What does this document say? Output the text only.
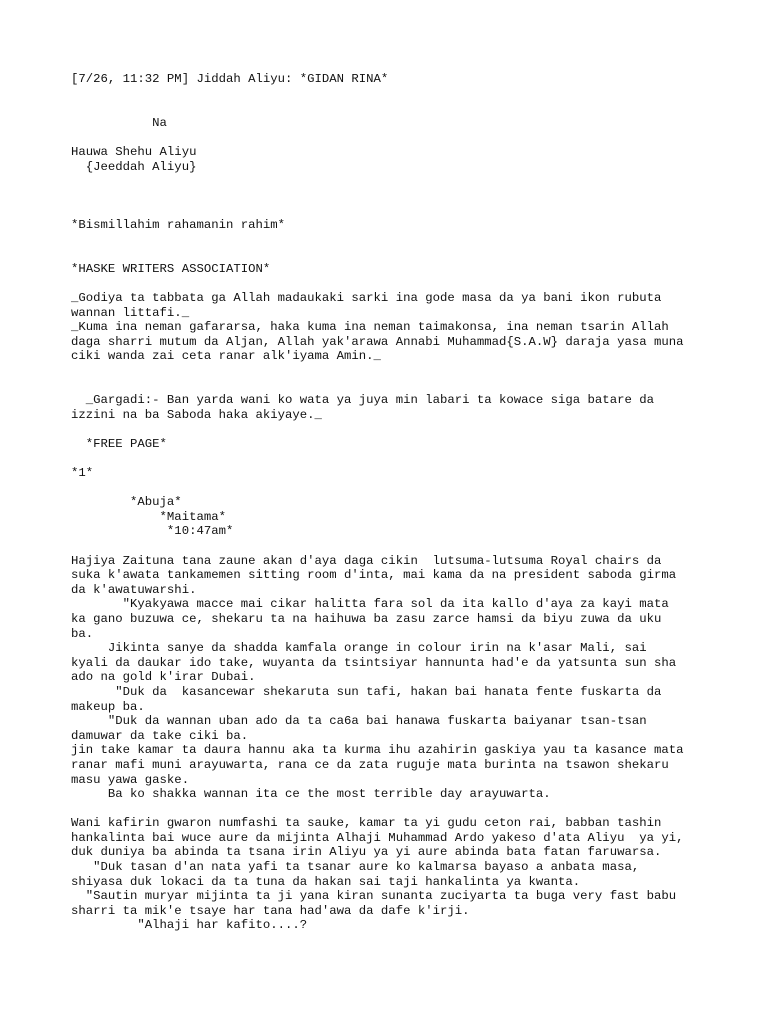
[7/26, 11:32 PM] Jiddah Aliyu: *GIDAN RINA*
Na
Hauwa Shehu Aliyu
{Jeeddah Aliyu}
*Bismillahim rahamanin rahim*
*HASKE WRITERS ASSOCIATION*
_Godiya ta tabbata ga Allah madaukaki sarki ina gode masa da ya bani ikon rubuta
wannan littafi._
_Kuma ina neman gafararsa, haka kuma ina neman taimakonsa, ina neman tsarin Allah
daga sharri mutum da Aljan, Allah yak'arawa Annabi Muhammad{S.A.W} daraja yasa muna
ciki wanda zai ceta ranar alk'iyama Amin._
_Gargadi:- Ban yarda wani ko wata ya juya min labari ta kowace siga batare da
izzini na ba Saboda haka akiyaye._
*FREE PAGE*
*1*
*Abuja*
*Maitama*
*10:47am*
Hajiya Zaituna tana zaune akan d'aya daga cikin  lutsuma-lutsuma Royal chairs da
suka k'awata tankamemen sitting room d'inta, mai kama da na president saboda girma
da k'awatuwarshi.
"Kyakyawa macce mai cikar halitta fara sol da ita kallo d'aya za kayi mata
ka gano buzuwa ce, shekaru ta na haihuwa ba zasu zarce hamsi da biyu zuwa da uku
ba.
Jikinta sanye da shadda kamfala orange in colour irin na k'asar Mali, sai
kyali da daukar ido take, wuyanta da tsintsiyar hannunta had'e da yatsunta sun sha
ado na gold k'irar Dubai.
"Duk da  kasancewar shekaruta sun tafi, hakan bai hanata fente fuskarta da
makeup ba.
"Duk da wannan uban ado da ta ca6a bai hanawa fuskarta baiyanar tsan-tsan
damuwar da take ciki ba.
jin take kamar ta daura hannu aka ta kurma ihu azahirin gaskiya yau ta kasance mata
ranar mafi muni arayuwarta, rana ce da zata ruguje mata burinta na tsawon shekaru
masu yawa gaske.
Ba ko shakka wannan ita ce the most terrible day arayuwarta.
Wani kafirin gwaron numfashi ta sauke, kamar ta yi gudu ceton rai, babban tashin
hankalinta bai wuce aure da mijinta Alhaji Muhammad Ardo yakeso d'ata Aliyu  ya yi,
duk duniya ba abinda ta tsana irin Aliyu ya yi aure abinda bata fatan faruwarsa.
"Duk tasan d'an nata yafi ta tsanar aure ko kalmarsa bayaso a anbata masa,
shiyasa duk lokaci da ta tuna da hakan sai taji hankalinta ya kwanta.
"Sautin muryar mijinta ta ji yana kiran sunanta zuciyarta ta buga very fast babu
sharri ta mik'e tsaye har tana had'awa da dafe k'irji.
"Alhaji har kafito....?
